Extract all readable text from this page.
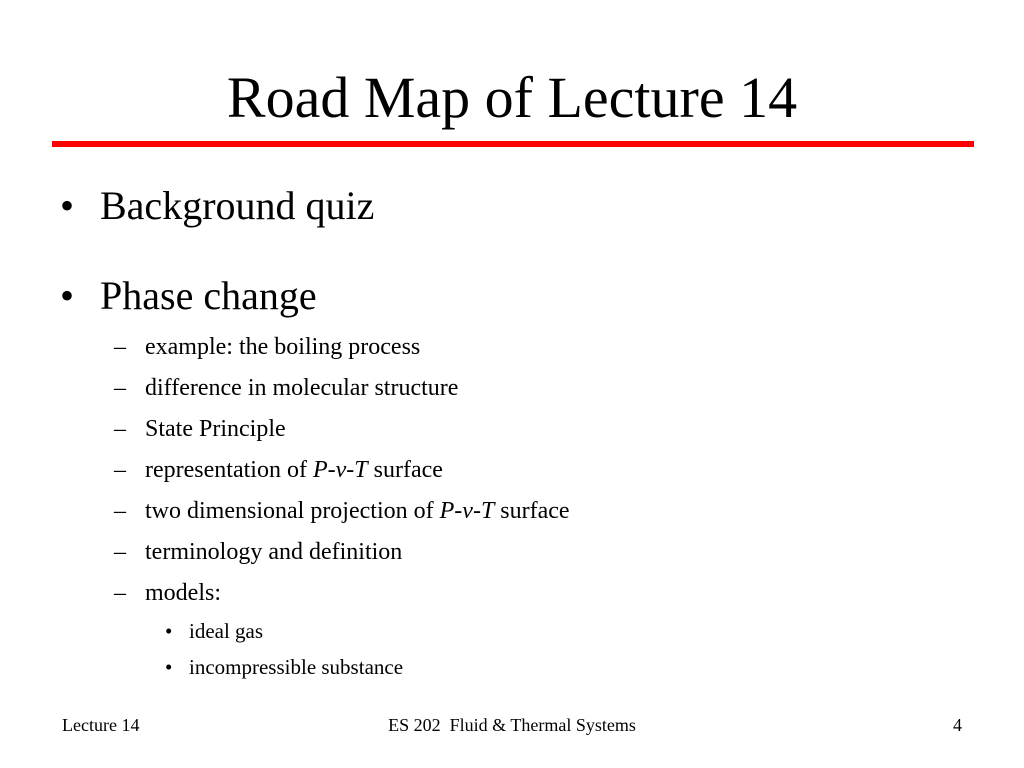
Road Map of Lecture 14
• Background quiz
• Phase change
– example: the boiling process
– difference in molecular structure
– State Principle
– representation of P-v-T surface
– two dimensional projection of P-v-T surface
– terminology and definition
– models:
• ideal gas
• incompressible substance
Lecture 14	ES 202  Fluid & Thermal Systems	4
